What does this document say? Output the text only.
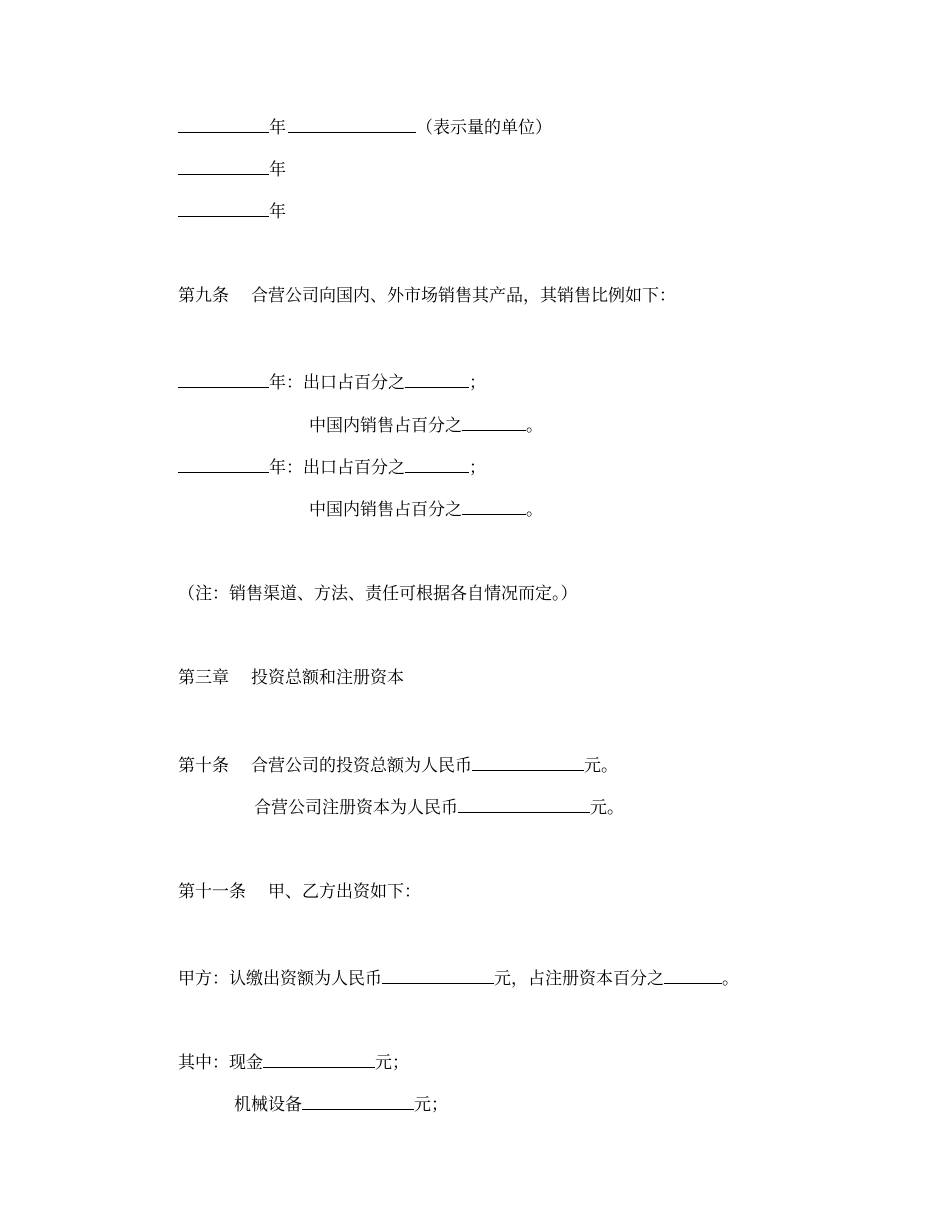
年	（表示量的单位）
年
年
第九条 合营公司向国内、外市场销售其产品，其销售比例如下：
年：出口占百分之	；
中国内销售占百分之	。
年：出口占百分之	；
中国内销售占百分之	。
（注：销售渠道、方法、责任可根据各自情况而定。）
第三章 投资总额和注册资本
第十条 合营公司的投资总额为人民币	元。
合营公司注册资本为人民币	元。
第十一条 甲、乙方出资如下：
甲方：认缴出资额为人民币	元，占注册资本百分之	。
其中：现金	元；
机械设备	元；
